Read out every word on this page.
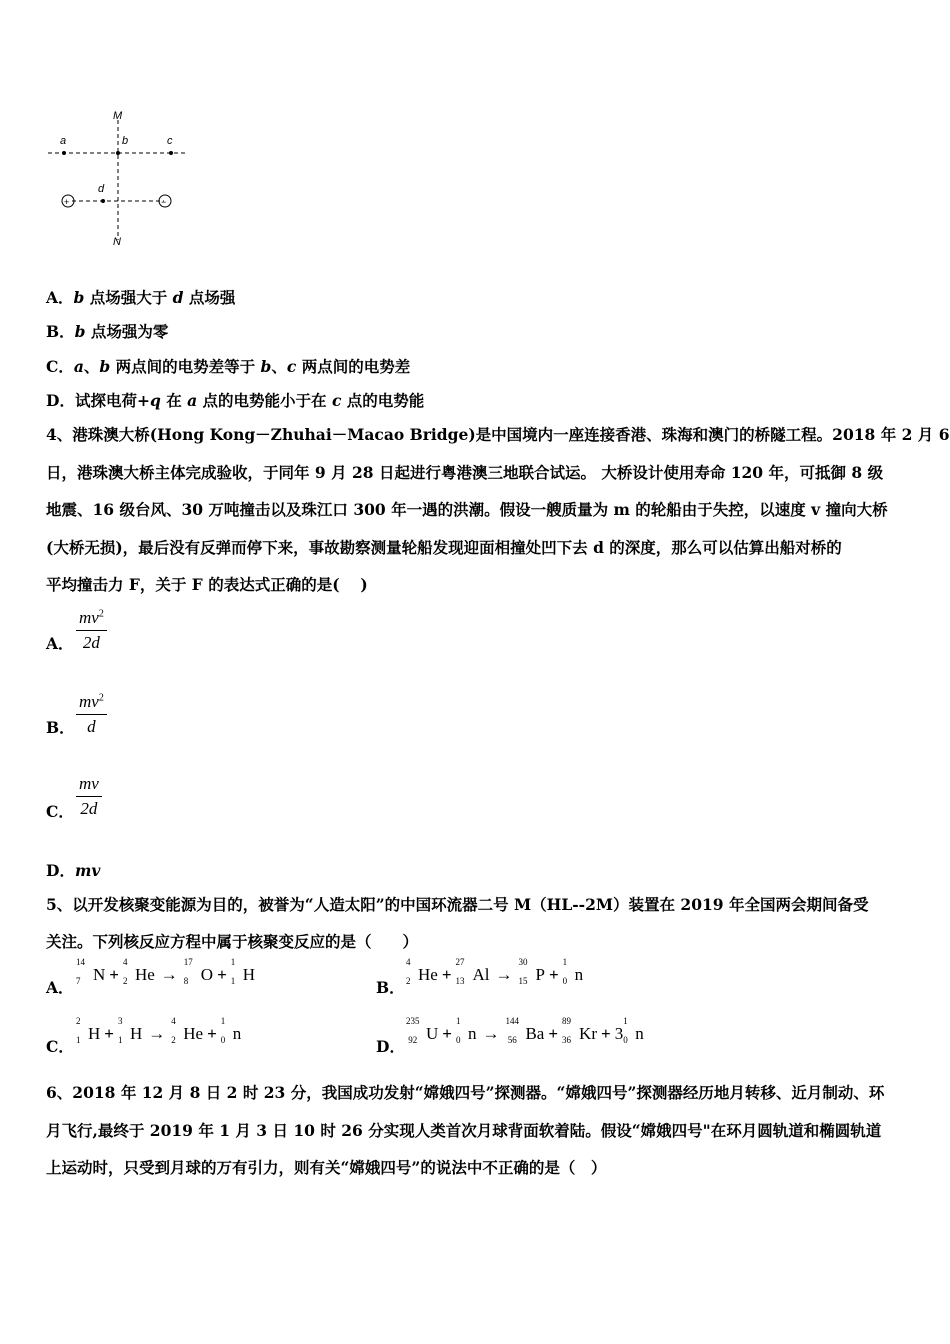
M
N
a	b	c
d
+	−
A．b 点场强大于 d 点场强
B．b 点场强为零
C．a、b 两点间的电势差等于 b、c 两点间的电势差
D．试探电荷+q 在 a 点的电势能小于在 c 点的电势能
4、港珠澳大桥(Hong Kong－Zhuhai－Macao Bridge)是中国境内一座连接香港、珠海和澳门的桥隧工程。2018 年 2 月 6
日，港珠澳大桥主体完成验收，于同年 9 月 28 日起进行粤港澳三地联合试运。 大桥设计使用寿命 120 年，可抵御 8 级
地震、16 级台风、30 万吨撞击以及珠江口 300 年一遇的洪潮。假设一艘质量为 m 的轮船由于失控，以速度 v 撞向大桥
(大桥无损)，最后没有反弹而停下来，事故勘察测量轮船发现迎面相撞处凹下去 d 的深度，那么可以估算出船对桥的
平均撞击力 F，关于 F 的表达式正确的是(　 )
A． $\frac{mv^2}{2d}$
B． $\frac{mv^2}{d}$
C． $\frac{mv}{2d}$
D．mv
5、以开发核聚变能源为目的，被誉为“人造太阳”的中国环流器二号 M（HL--2M）装置在 2019 年全国两会期间备受
关注。下列核反应方程中属于核聚变反应的是（　　）
A．
14
7 N +
4
2 He →
17
8 O +
1
1 H
B．
4
2 He +
27
13 Al →
30
15 P +
1
0 n
C．
2
1 H +
3
1 H →
4
2 He +
1
0 n
D．
235
92 U +
1
0 n →
144
56 Ba +
89
36 Kr + 3
1
0 n
6、2018 年 12 月 8 日 2 时 23 分，我国成功发射“嫦娥四号”探测器。“嫦娥四号”探测器经历地月转移、近月制动、环
月飞行,最终于 2019 年 1 月 3 日 10 时 26 分实现人类首次月球背面软着陆。假设“嫦娥四号"在环月圆轨道和椭圆轨道
上运动时，只受到月球的万有引力，则有关“嫦娥四号”的说法中不正确的是（　）
